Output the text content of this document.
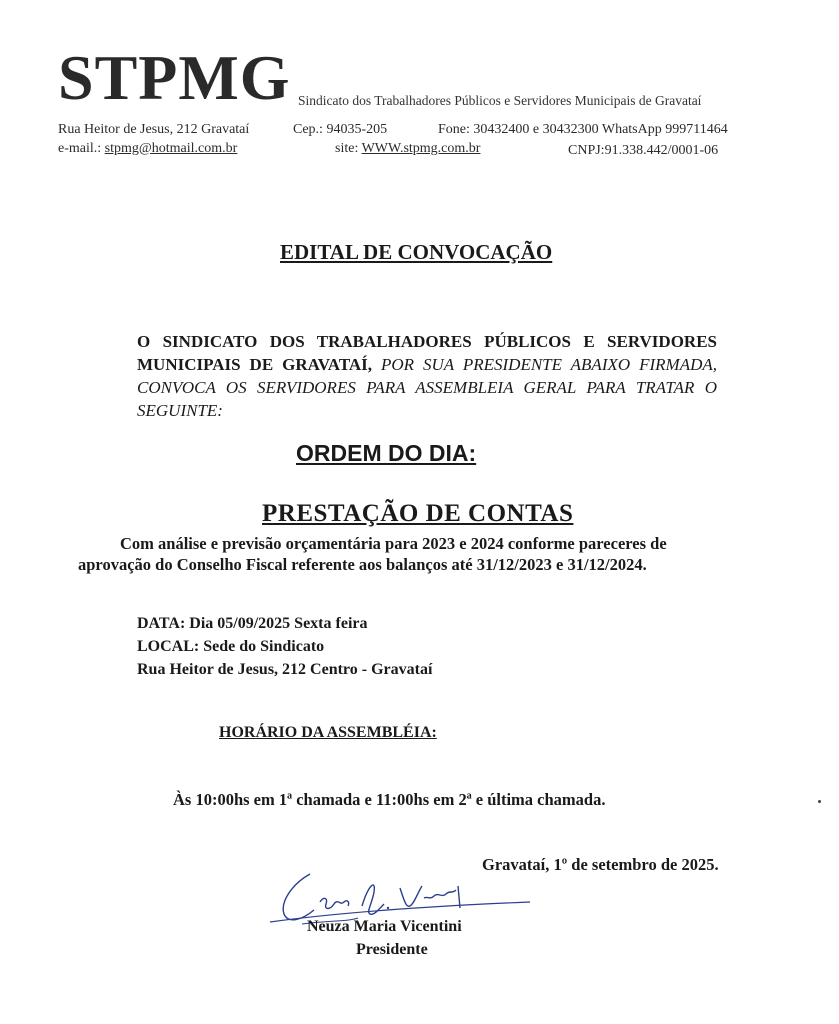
STPMG Sindicato dos Trabalhadores Públicos e Servidores Municipais de Gravataí
Rua Heitor de Jesus, 212 Gravataí	Cep.: 94035-205	Fone: 30432400 e 30432300 WhatsApp 999711464
e-mail.: stpmg@hotmail.com.br	site: WWW.stpmg.com.br	CNPJ:91.338.442/0001-06
EDITAL DE CONVOCAÇÃO
O SINDICATO DOS TRABALHADORES PÚBLICOS E SERVIDORES MUNICIPAIS DE GRAVATAÍ, POR SUA PRESIDENTE ABAIXO FIRMADA, CONVOCA OS SERVIDORES PARA ASSEMBLEIA GERAL PARA TRATAR O SEGUINTE:
ORDEM DO DIA:
PRESTAÇÃO DE CONTAS
Com análise e previsão orçamentária para 2023 e 2024 conforme pareceres de
aprovação do Conselho Fiscal referente aos balanços até 31/12/2023 e 31/12/2024.
DATA: Dia 05/09/2025 Sexta feira
LOCAL: Sede do Sindicato
Rua Heitor de Jesus, 212 Centro - Gravataí
HORÁRIO DA ASSEMBLÉIA:
Às 10:00hs em 1ª chamada e 11:00hs em 2ª e última chamada.
Gravataí, 1º de setembro de 2025.
Neuza Maria Vicentini
Presidente
